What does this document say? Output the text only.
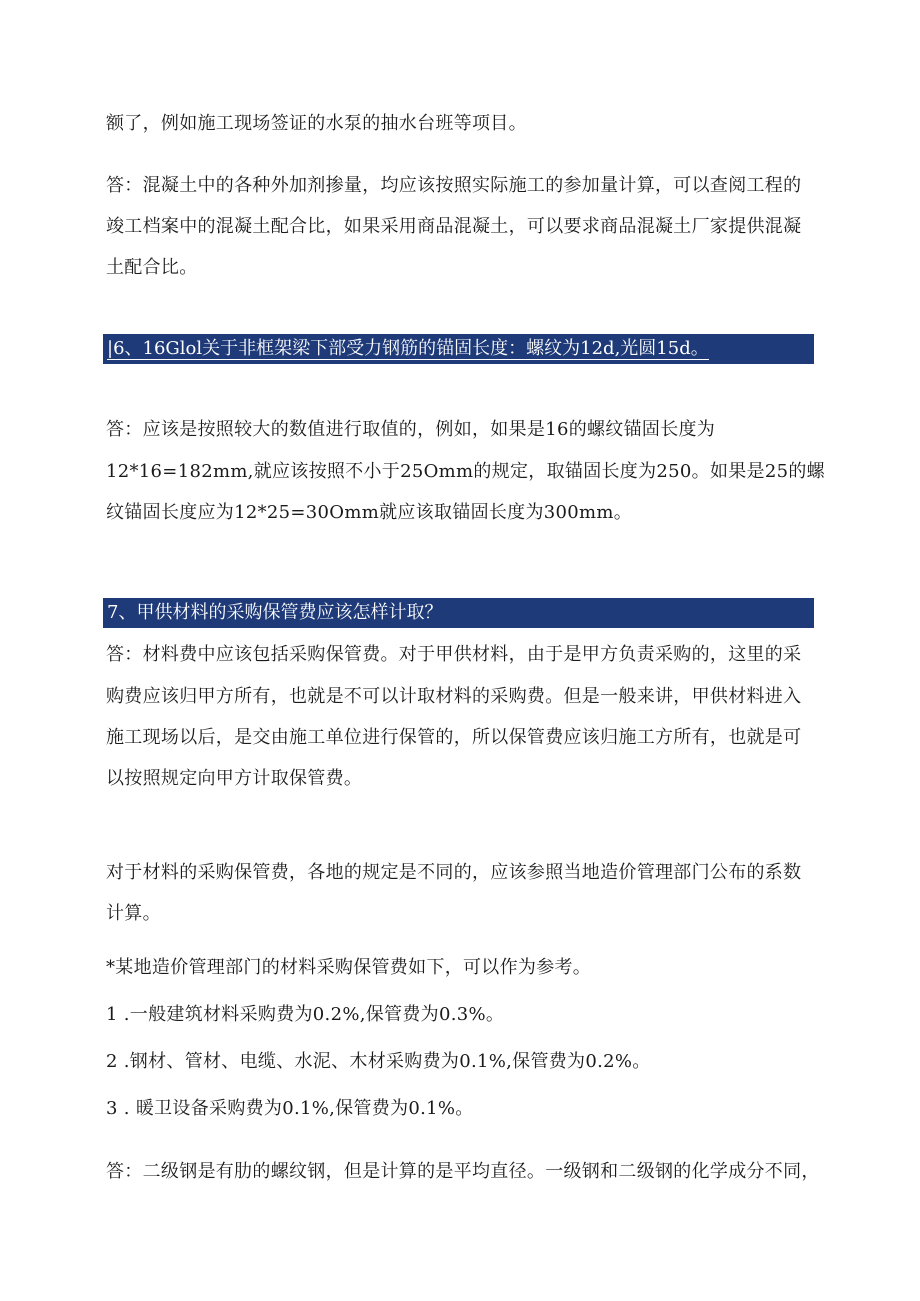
额了，例如施工现场签证的水泵的抽水台班等项目。
答：混凝土中的各种外加剂掺量，均应该按照实际施工的参加量计算，可以查阅工程的
竣工档案中的混凝土配合比，如果采用商品混凝土，可以要求商品混凝土厂家提供混凝
土配合比。
|6、16Glol关于非框架梁下部受力钢筋的锚固长度：螺纹为12d,光圆15d。
答：应该是按照较大的数值进行取值的，例如，如果是16的螺纹锚固长度为
12*16=182mm,就应该按照不小于25Omm的规定，取锚固长度为250。如果是25的螺
纹锚固长度应为12*25=30Omm就应该取锚固长度为300mm。
7、甲供材料的采购保管费应该怎样计取？
答：材料费中应该包括采购保管费。对于甲供材料，由于是甲方负责采购的，这里的采
购费应该归甲方所有，也就是不可以计取材料的采购费。但是一般来讲，甲供材料进入
施工现场以后，是交由施工单位进行保管的，所以保管费应该归施工方所有，也就是可
以按照规定向甲方计取保管费。
对于材料的采购保管费，各地的规定是不同的，应该参照当地造价管理部门公布的系数
计算。
*某地造价管理部门的材料采购保管费如下，可以作为参考。
1 .一般建筑材料采购费为0.2%,保管费为0.3%。
2 .钢材、管材、电缆、水泥、木材采购费为0.1%,保管费为0.2%。
3 . 暖卫设备采购费为0.1%,保管费为0.1%。
答：二级钢是有肋的螺纹钢，但是计算的是平均直径。一级钢和二级钢的化学成分不同，
